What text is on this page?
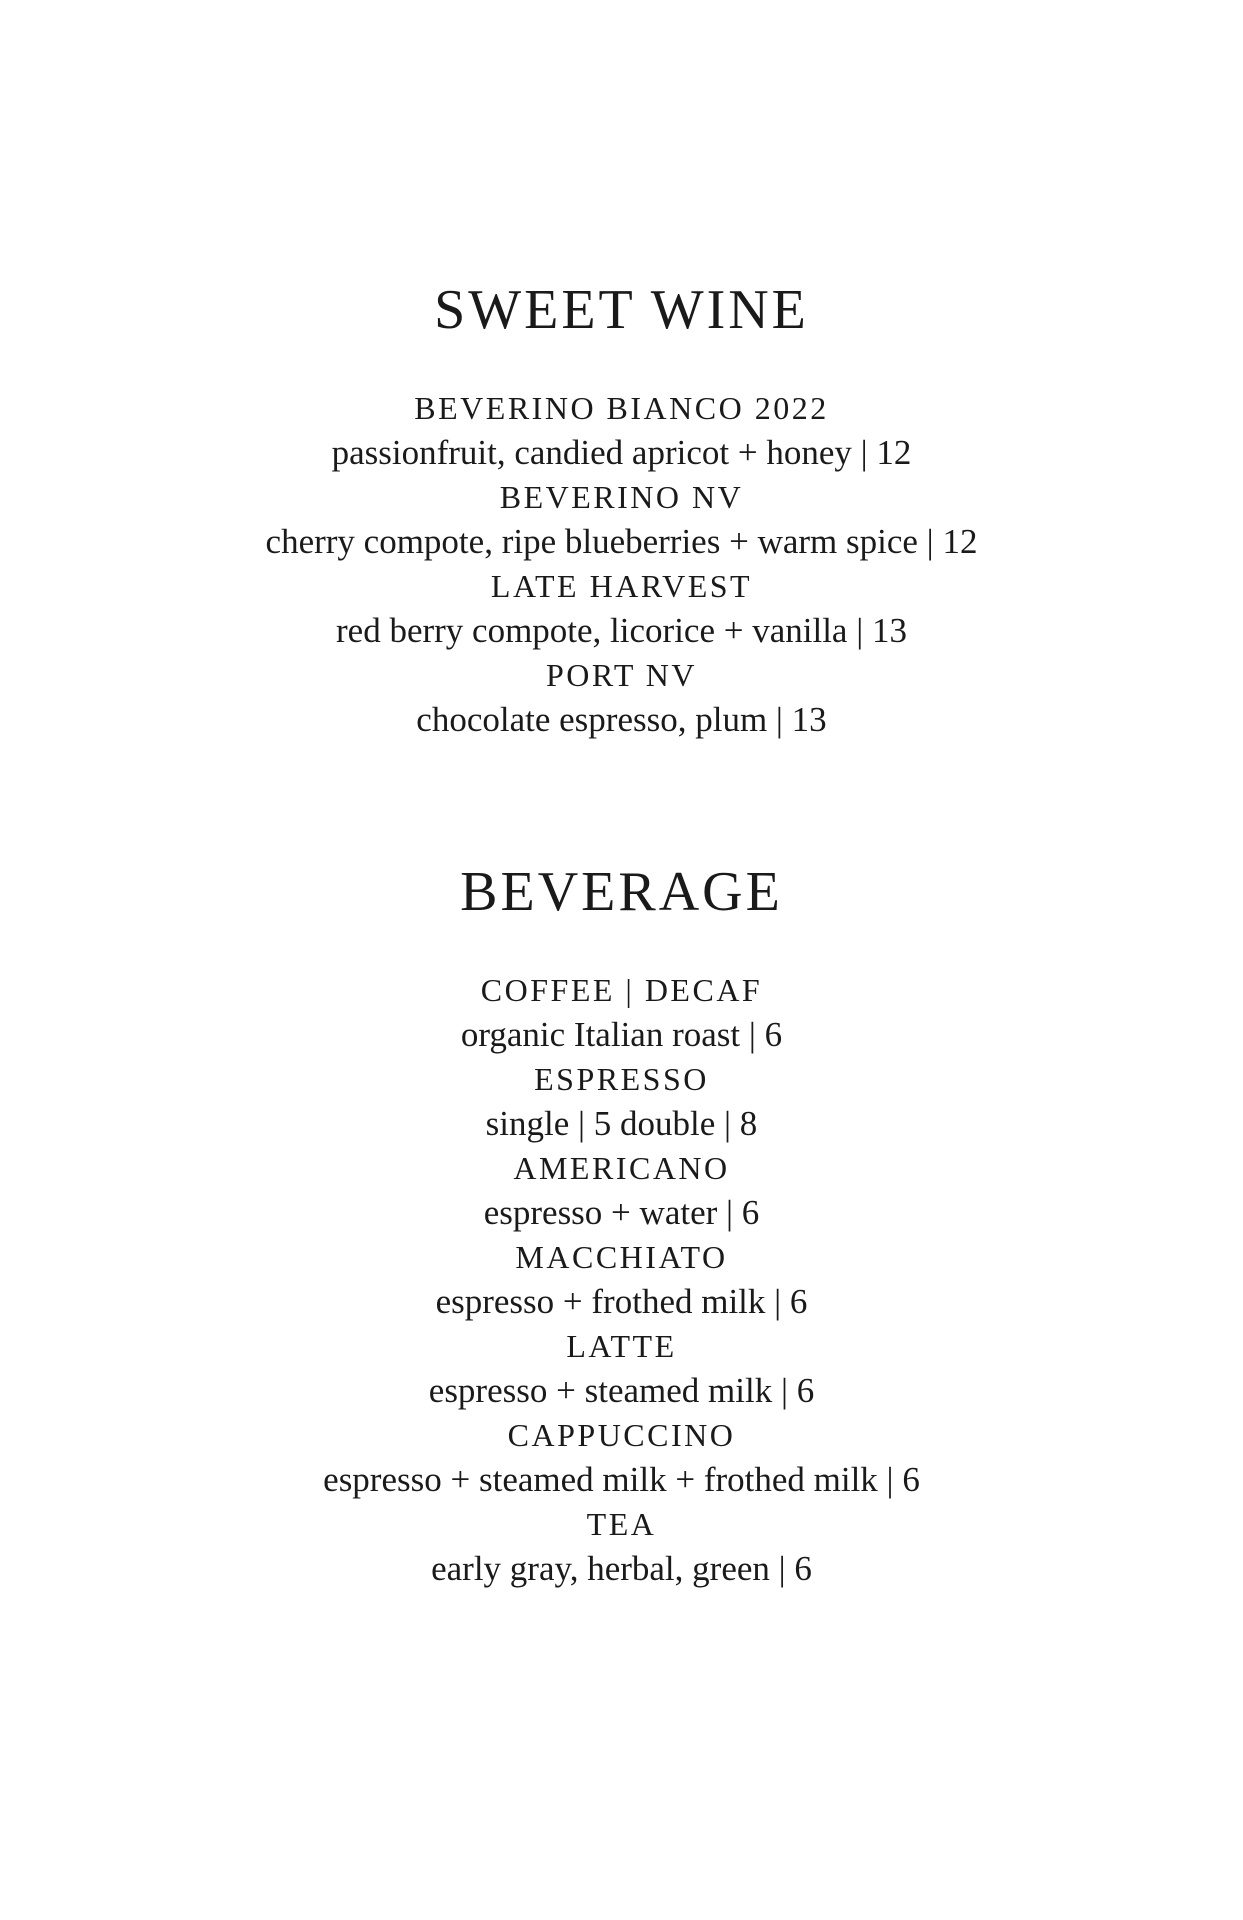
SWEET WINE
BEVERINO BIANCO 2022
passionfruit, candied apricot + honey | 12
BEVERINO NV
cherry compote, ripe blueberries + warm spice | 12
LATE HARVEST
red berry compote, licorice + vanilla | 13
PORT NV
chocolate espresso, plum | 13
BEVERAGE
COFFEE | DECAF
organic Italian roast | 6
ESPRESSO
single | 5 double | 8
AMERICANO
espresso + water | 6
MACCHIATO
espresso + frothed milk | 6
LATTE
espresso + steamed milk | 6
CAPPUCCINO
espresso + steamed milk + frothed milk | 6
TEA
early gray, herbal, green | 6
